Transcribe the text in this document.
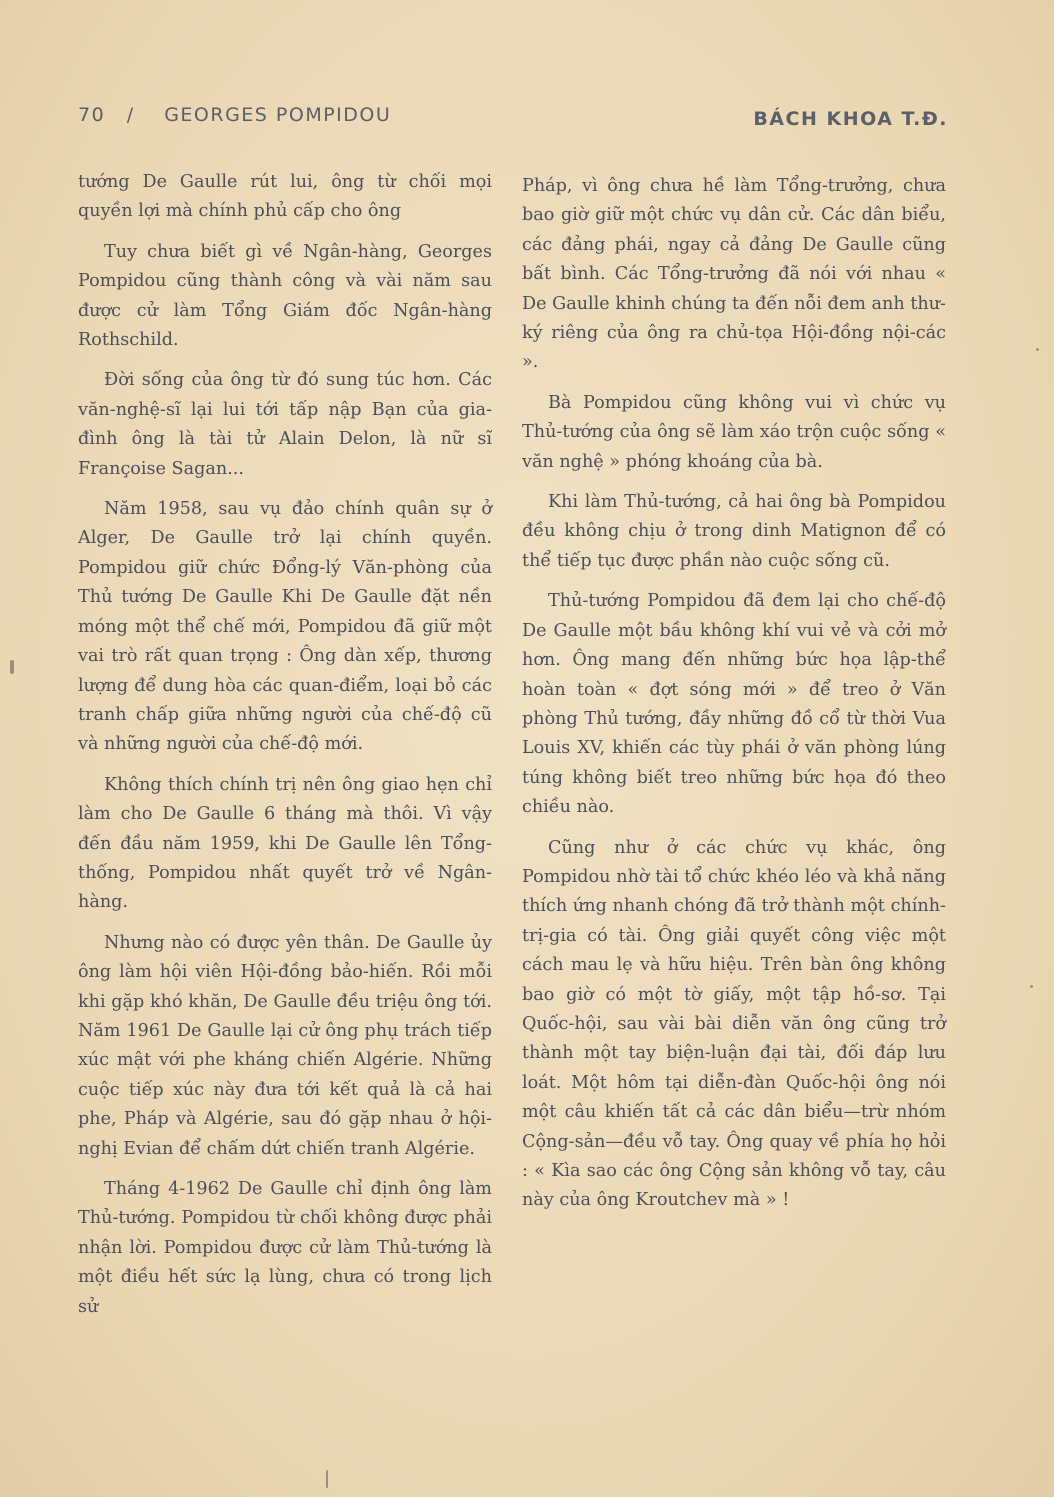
70 / GEORGES POMPIDOU	BÁCH KHOA T.Đ.

tướng De Gaulle rút lui, ông từ chối mọi quyền lợi mà chính phủ cấp cho ông

Tuy chưa biết gì về Ngân-hàng, Georges Pompidou cũng thành công và vài năm sau được cử làm Tổng Giám đốc Ngân-hàng Rothschild.

Đời sống của ông từ đó sung túc hơn. Các văn-nghệ-sĩ lại lui tới tấp nập Bạn của gia-đình ông là tài tử Alain Delon, là nữ sĩ Françoise Sagan...

Năm 1958, sau vụ đảo chính quân sự ở Alger, De Gaulle trở lại chính quyền. Pompidou giữ chức Đổng-lý Văn-phòng của Thủ tướng De Gaulle Khi De Gaulle đặt nền móng một thể chế mới, Pompidou đã giữ một vai trò rất quan trọng : Ông dàn xếp, thương lượng để dung hòa các quan-điểm, loại bỏ các tranh chấp giữa những người của chế-độ cũ và những người của chế-độ mới.

Không thích chính trị nên ông giao hẹn chỉ làm cho De Gaulle 6 tháng mà thôi. Vì vậy đến đầu năm 1959, khi De Gaulle lên Tổng-thống, Pompidou nhất quyết trở về Ngân-hàng.

Nhưng nào có được yên thân. De Gaulle ủy ông làm hội viên Hội-đồng bảo-hiến. Rồi mỗi khi gặp khó khăn, De Gaulle đều triệu ông tới. Năm 1961 De Gaulle lại cử ông phụ trách tiếp xúc mật với phe kháng chiến Algérie. Những cuộc tiếp xúc này đưa tới kết quả là cả hai phe, Pháp và Algérie, sau đó gặp nhau ở hội-nghị Evian để chấm dứt chiến tranh Algérie.

Tháng 4-1962 De Gaulle chỉ định ông làm Thủ-tướng. Pompidou từ chối không được phải nhận lời. Pompidou được cử làm Thủ-tướng là một điều hết sức lạ lùng, chưa có trong lịch sử

Pháp, vì ông chưa hề làm Tổng-trưởng, chưa bao giờ giữ một chức vụ dân cử. Các dân biểu, các đảng phái, ngay cả đảng De Gaulle cũng bất bình. Các Tổng-trưởng đã nói với nhau « De Gaulle khinh chúng ta đến nỗi đem anh thư-ký riêng của ông ra chủ-tọa Hội-đồng nội-các ».

Bà Pompidou cũng không vui vì chức vụ Thủ-tướng của ông sẽ làm xáo trộn cuộc sống « văn nghệ » phóng khoáng của bà.

Khi làm Thủ-tướng, cả hai ông bà Pompidou đều không chịu ở trong dinh Matignon để có thể tiếp tục được phần nào cuộc sống cũ.

Thủ-tướng Pompidou đã đem lại cho chế-độ De Gaulle một bầu không khí vui vẻ và cởi mở hơn. Ông mang đến những bức họa lập-thể hoàn toàn « đợt sóng mới » để treo ở Văn phòng Thủ tướng, đầy những đồ cổ từ thời Vua Louis XV, khiến các tùy phái ở văn phòng lúng túng không biết treo những bức họa đó theo chiều nào.

Cũng như ở các chức vụ khác, ông Pompidou nhờ tài tổ chức khéo léo và khả năng thích ứng nhanh chóng đã trở thành một chính-trị-gia có tài. Ông giải quyết công việc một cách mau lẹ và hữu hiệu. Trên bàn ông không bao giờ có một tờ giấy, một tập hồ-sơ. Tại Quốc-hội, sau vài bài diễn văn ông cũng trở thành một tay biện-luận đại tài, đối đáp lưu loát. Một hôm tại diễn-đàn Quốc-hội ông nói một câu khiến tất cả các dân biểu—trừ nhóm Cộng-sản—đều vỗ tay. Ông quay về phía họ hỏi : « Kìa sao các ông Cộng sản không vỗ tay, câu này của ông Kroutchev mà » !
